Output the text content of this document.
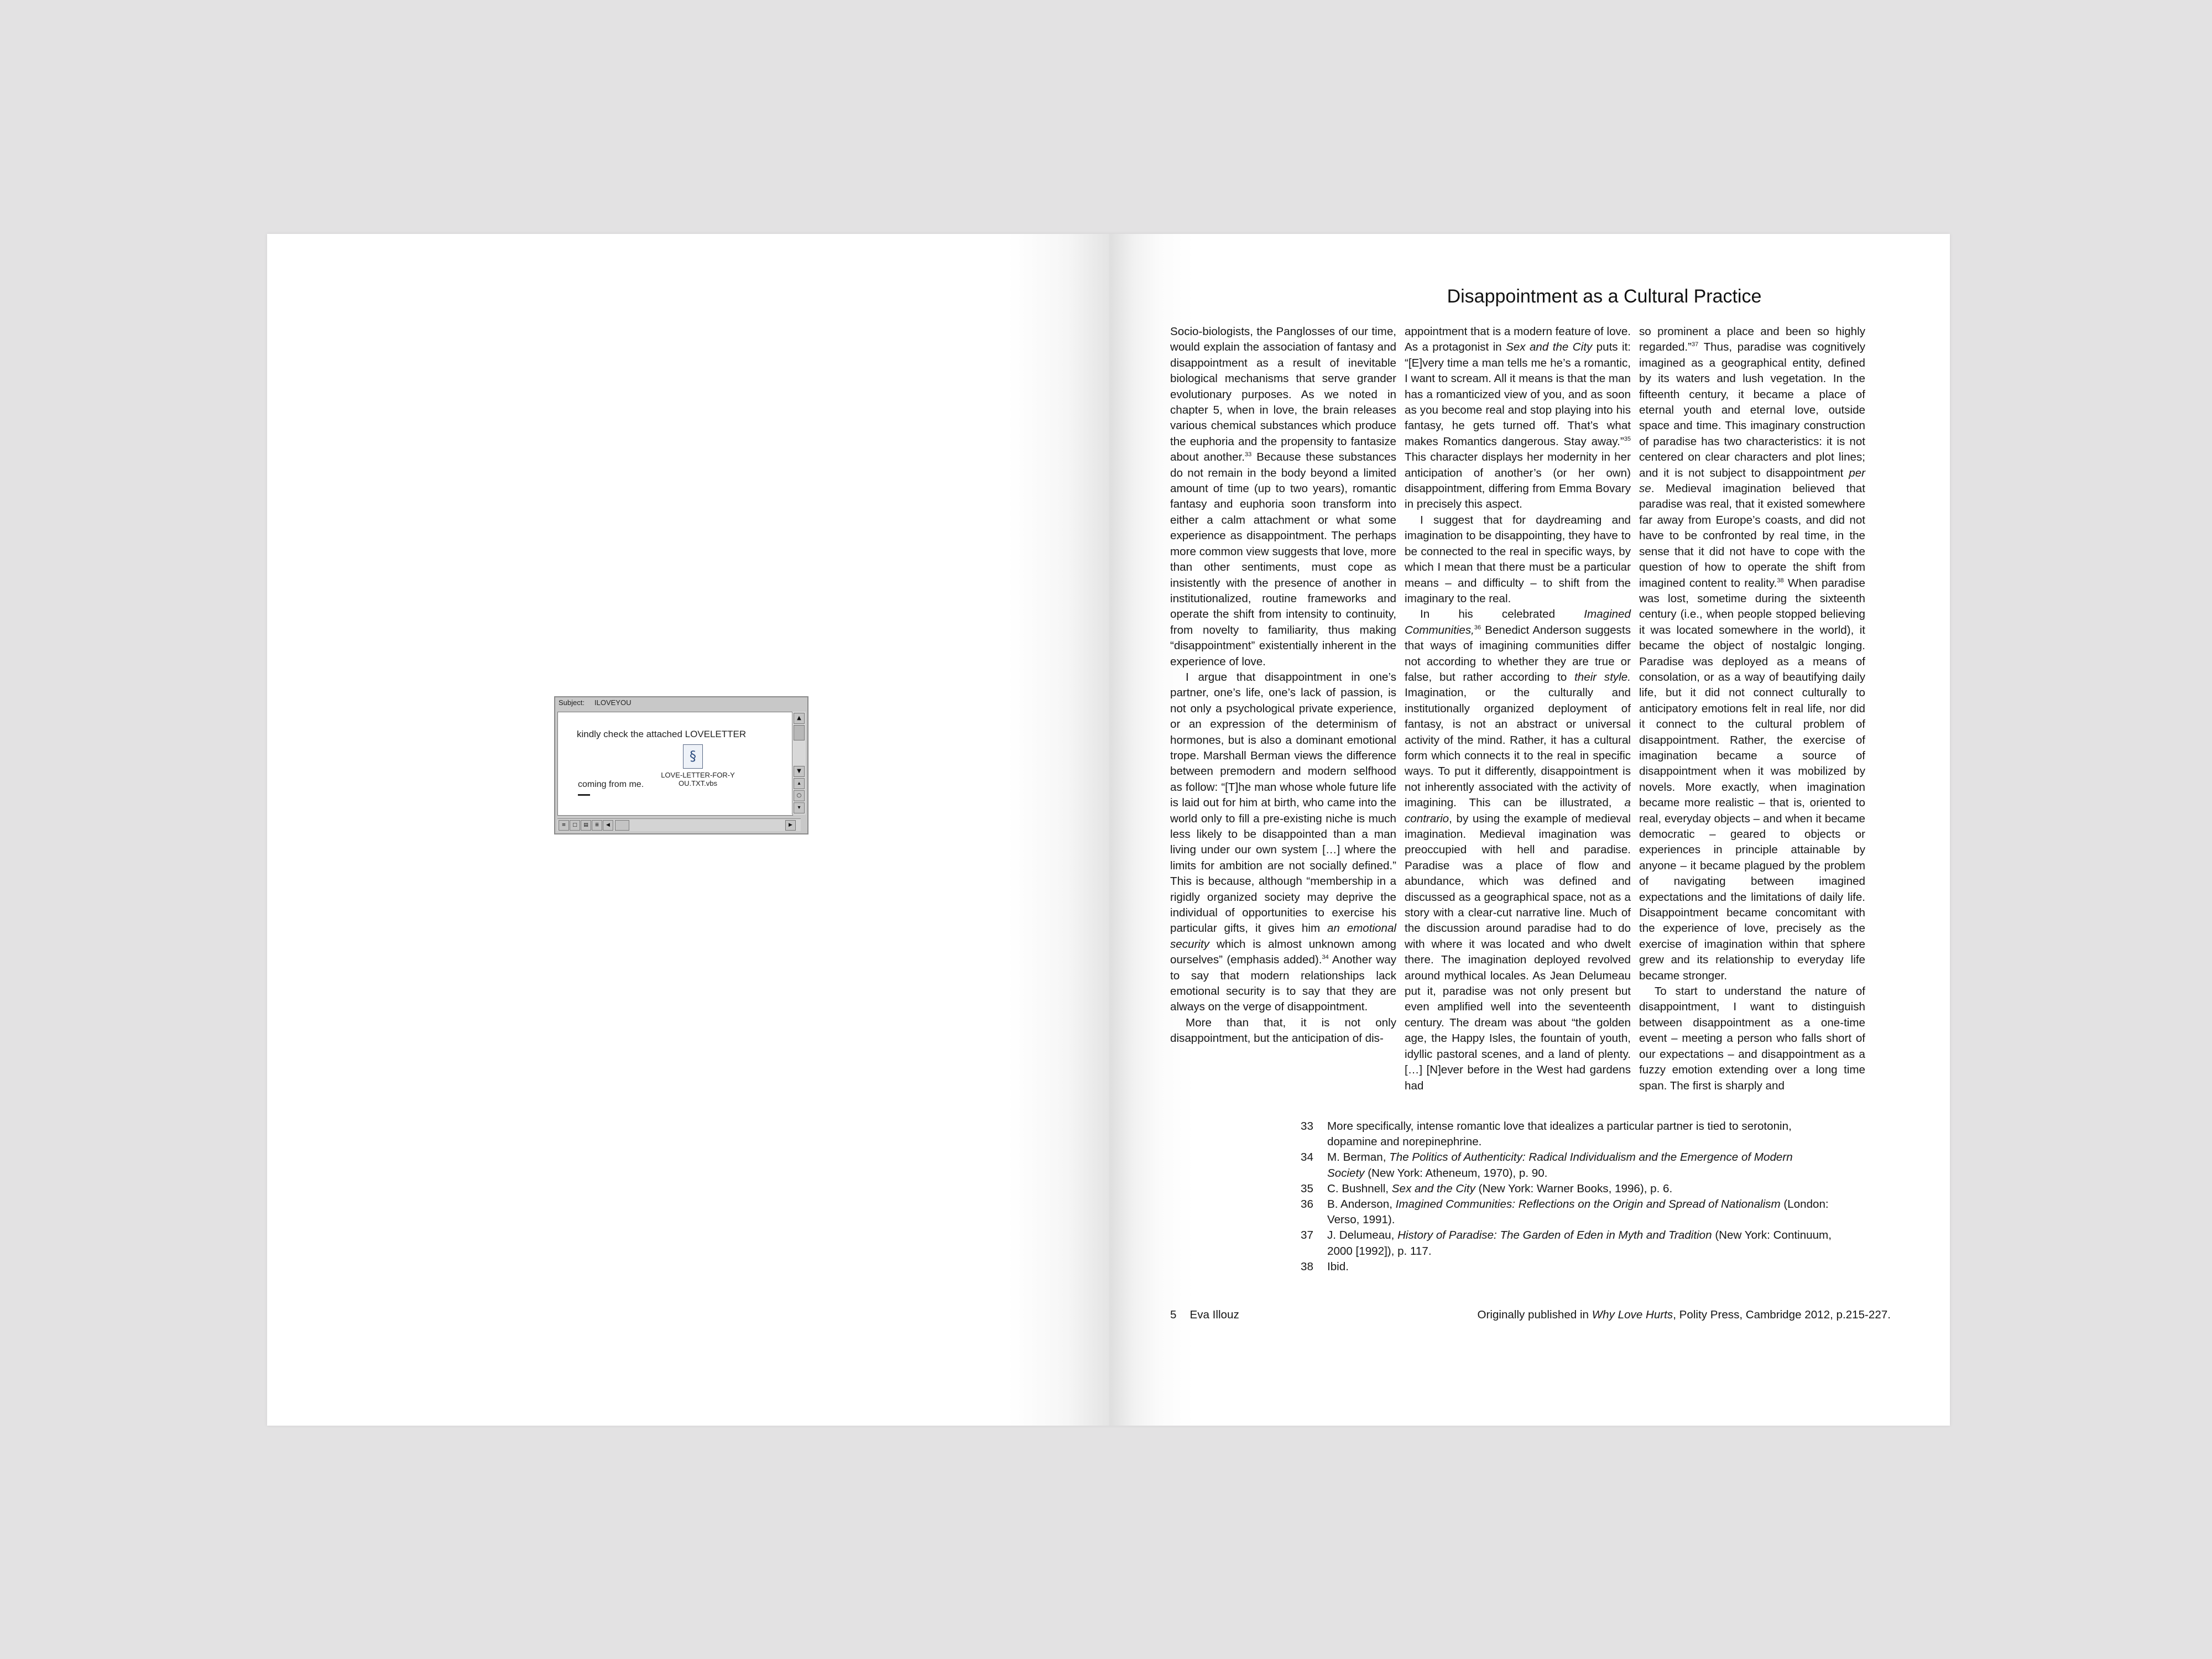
Subject: ILOVEYOU
kindly check the attached LOVELETTER
§
LOVE-LETTER-FOR-Y
OU.TXT.vbs
coming from me.
▲
▼
▴
○
▾
≡	□	▤	≣	◀	▶
Disappointment as a Cultural Practice

Socio-biologists, the Panglosses of our time, would explain the association of fantasy and disappointment as a result of inevitable biological mechanisms that serve grander evolutionary purposes. As we noted in chapter 5, when in love, the brain releases various chemical substances which produce the euphoria and the propensity to fantasize about another.$^{33}$ Because these substances do not remain in the body beyond a limited amount of time (up to two years), romantic fantasy and euphoria soon transform into either a calm attachment or what some experience as disappointment. The perhaps more common view suggests that love, more than other sentiments, must cope as insistently with the presence of another in institutionalized, routine frameworks and operate the shift from intensity to continuity, from novelty to familiarity, thus making “disappointment” existentially inherent in the experience of love.

I argue that disappointment in one’s partner, one’s life, one’s lack of passion, is not only a psychological private experience, or an expression of the determinism of hormones, but is also a dominant emotional trope. Marshall Berman views the difference between premodern and modern selfhood as follow: “[T]he man whose whole future life is laid out for him at birth, who came into the world only to fill a pre-existing niche is much less likely to be disappointed than a man living under our own system […] where the limits for ambition are not socially defined.” This is because, although “membership in a rigidly organized society may deprive the individual of opportunities to exercise his particular gifts, it gives him an emotional security which is almost unknown among ourselves” (emphasis added).$^{34}$ Another way to say that modern relationships lack emotional security is to say that they are always on the verge of disappointment.

More than that, it is not only disappointment, but the anticipation of dis-

appointment that is a modern feature of love. As a protagonist in Sex and the City puts it: “[E]very time a man tells me he’s a romantic, I want to scream. All it means is that the man has a romanticized view of you, and as soon as you become real and stop playing into his fantasy, he gets turned off. That’s what makes Romantics dangerous. Stay away.”$^{35}$ This character displays her modernity in her anticipation of another’s (or her own) disappointment, differing from Emma Bovary in precisely this aspect.

I suggest that for daydreaming and imagination to be disappointing, they have to be connected to the real in specific ways, by which I mean that there must be a particular means – and difficulty – to shift from the imaginary to the real.

In his celebrated Imagined Communities,$^{36}$ Benedict Anderson suggests that ways of imagining communities differ not according to whether they are true or false, but rather according to their style. Imagination, or the culturally and institutionally organized deployment of fantasy, is not an abstract or universal activity of the mind. Rather, it has a cultural form which connects it to the real in specific ways. To put it differently, disappointment is not inherently associated with the activity of imagining. This can be illustrated, a contrario, by using the example of medieval imagination. Medieval imagination was preoccupied with hell and paradise. Paradise was a place of flow and abundance, which was defined and discussed as a geographical space, not as a story with a clear-cut narrative line. Much of the discussion around paradise had to do with where it was located and who dwelt there. The imagination deployed revolved around mythical locales. As Jean Delumeau put it, paradise was not only present but even amplified well into the seventeenth century. The dream was about “the golden age, the Happy Isles, the fountain of youth, idyllic pastoral scenes, and a land of plenty. […] [N]ever before in the West had gardens had

so prominent a place and been so highly regarded.”$^{37}$ Thus, paradise was cognitively imagined as a geographical entity, defined by its waters and lush vegetation. In the fifteenth century, it became a place of eternal youth and eternal love, outside space and time. This imaginary construction of paradise has two characteristics: it is not centered on clear characters and plot lines; and it is not subject to disappointment per se. Medieval imagination believed that paradise was real, that it existed somewhere far away from Europe’s coasts, and did not have to be confronted by real time, in the sense that it did not have to cope with the question of how to operate the shift from imagined content to reality.$^{38}$ When paradise was lost, sometime during the sixteenth century (i.e., when people stopped believing it was located somewhere in the world), it became the object of nostalgic longing. Paradise was deployed as a means of consolation, or as a way of beautifying daily life, but it did not connect culturally to anticipatory emotions felt in real life, nor did it connect to the cultural problem of disappointment. Rather, the exercise of imagination became a source of disappointment when it was mobilized by novels. More exactly, when imagination became more realistic – that is, oriented to real, everyday objects – and when it became democratic – geared to objects or experiences in principle attainable by anyone – it became plagued by the problem of navigating between imagined expectations and the limitations of daily life. Disappointment became concomitant with the experience of love, precisely as the exercise of imagination within that sphere grew and its relationship to everyday life became stronger.

To start to understand the nature of disappointment, I want to distinguish between disappointment as a one-time event – meeting a person who falls short of our expectations – and disappointment as a fuzzy emotion extending over a long time span. The first is sharply and

33	More specifically, intense romantic love that idealizes a particular partner is tied to serotonin, dopamine and norepinephrine.
34	M. Berman, The Politics of Authenticity: Radical Individualism and the Emergence of Modern Society (New York: Atheneum, 1970), p. 90.
35	C. Bushnell, Sex and the City (New York: Warner Books, 1996), p. 6.
36	B. Anderson, Imagined Communities: Reflections on the Origin and Spread of Nationalism (London: Verso, 1991).
37	J. Delumeau, History of Paradise: The Garden of Eden in Myth and Tradition (New York: Continuum, 2000 [1992]), p. 117.
38	Ibid.
5 Eva Illouz	Originally published in Why Love Hurts, Polity Press, Cambridge 2012, p.215-227.
